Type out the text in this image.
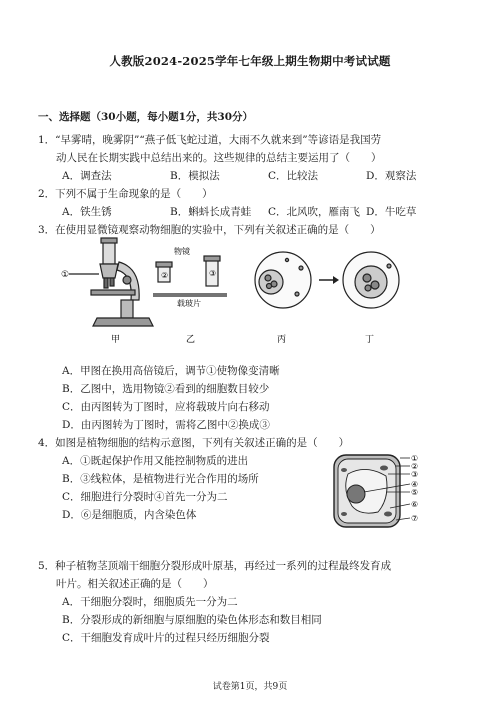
人教版2024-2025学年七年级上期生物期中考试试题
一、选择题（30小题，每小题1分，共30分）
1．“早雾晴，晚雾阴”“燕子低飞蛇过道，大雨不久就来到”等谚语是我国劳
动人民在长期实践中总结出来的。这些规律的总结主要运用了（　　）
A．调查法	B．模拟法	C．比较法	D．观察法
2．下列不属于生命现象的是（　　）
A．铁生锈	B．蝌蚪长成青蛙 C．北风吹，雁南飞 D．牛吃草
3．在使用显微镜观察动物细胞的实验中，下列有关叙述正确的是（　　）
①
物镜
载玻片
②	③
甲	乙	丙	丁
A．甲图在换用高倍镜后，调节①使物像变清晰
B．乙图中，选用物镜②看到的细胞数目较少
C．由丙图转为丁图时，应将载玻片向右移动
D．由丙图转为丁图时，需将乙图中②换成③
4．如图是植物细胞的结构示意图，下列有关叙述正确的是（　　）
A．①既起保护作用又能控制物质的进出
B．③线粒体，是植物进行光合作用的场所
C．细胞进行分裂时④首先一分为二
D．⑥是细胞质，内含染色体
①
②
③
④
⑤
⑥
⑦
5．种子植物茎顶端干细胞分裂形成叶原基，再经过一系列的过程最终发育成
叶片。相关叙述正确的是（　　）
A．干细胞分裂时，细胞质先一分为二
B．分裂形成的新细胞与原细胞的染色体形态和数目相同
C．干细胞发育成叶片的过程只经历细胞分裂
试卷第1页，共9页
